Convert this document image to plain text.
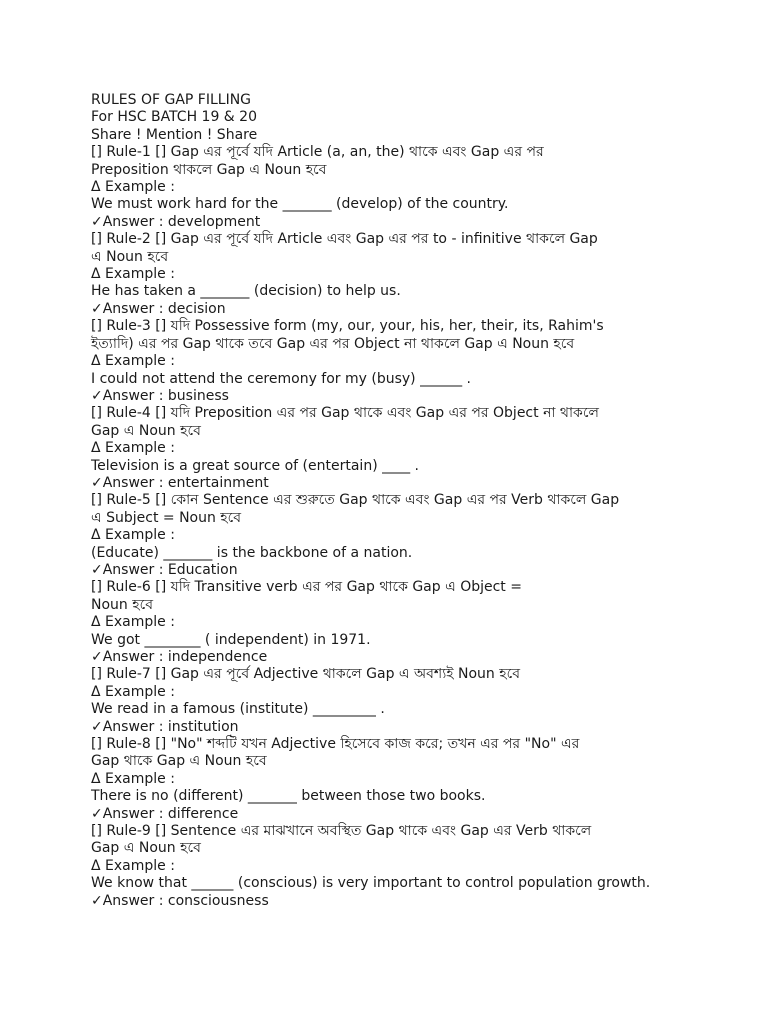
RULES OF GAP FILLING
For HSC BATCH 19 & 20
Share ! Mention ! Share
[] Rule-1 [] Gap এর পূর্বে যদি Article (a, an, the) থাকে এবং Gap এর পর
Preposition থাকলে Gap এ Noun হবে
Δ Example :
We must work hard for the _______ (develop) of the country.
✓Answer : development
[] Rule-2 [] Gap এর পূর্বে যদি Article এবং Gap এর পর to - infinitive থাকলে Gap
এ Noun হবে
Δ Example :
He has taken a _______ (decision) to help us.
✓Answer : decision
[] Rule-3 [] যদি Possessive form (my, our, your, his, her, their, its, Rahim's
ইত্যাদি) এর পর Gap থাকে তবে Gap এর পর Object না থাকলে Gap এ Noun হবে
Δ Example :
I could not attend the ceremony for my (busy) ______ .
✓Answer : business
[] Rule-4 [] যদি Preposition এর পর Gap থাকে এবং Gap এর পর Object না থাকলে
Gap এ Noun হবে
Δ Example :
Television is a great source of (entertain) ____ .
✓Answer : entertainment
[] Rule-5 [] কোন Sentence এর শুরুতে Gap থাকে এবং Gap এর পর Verb থাকলে Gap
এ Subject = Noun হবে
Δ Example :
(Educate) _______ is the backbone of a nation.
✓Answer : Education
[] Rule-6 [] যদি Transitive verb এর পর Gap থাকে Gap এ Object =
Noun হবে
Δ Example :
We got ________ ( independent) in 1971.
✓Answer : independence
[] Rule-7 [] Gap এর পূর্বে Adjective থাকলে Gap এ অবশ্যই Noun হবে
Δ Example :
We read in a famous (institute) _________ .
✓Answer : institution
[] Rule-8 [] "No" শব্দটি যখন Adjective হিসেবে কাজ করে; তখন এর পর "No" এর
Gap থাকে Gap এ Noun হবে
Δ Example :
There is no (different) _______ between those two books.
✓Answer : difference
[] Rule-9 [] Sentence এর মাঝখানে অবস্থিত Gap থাকে এবং Gap এর Verb থাকলে
Gap এ Noun হবে
Δ Example :
We know that ______ (conscious) is very important to control population growth.
✓Answer : consciousness
